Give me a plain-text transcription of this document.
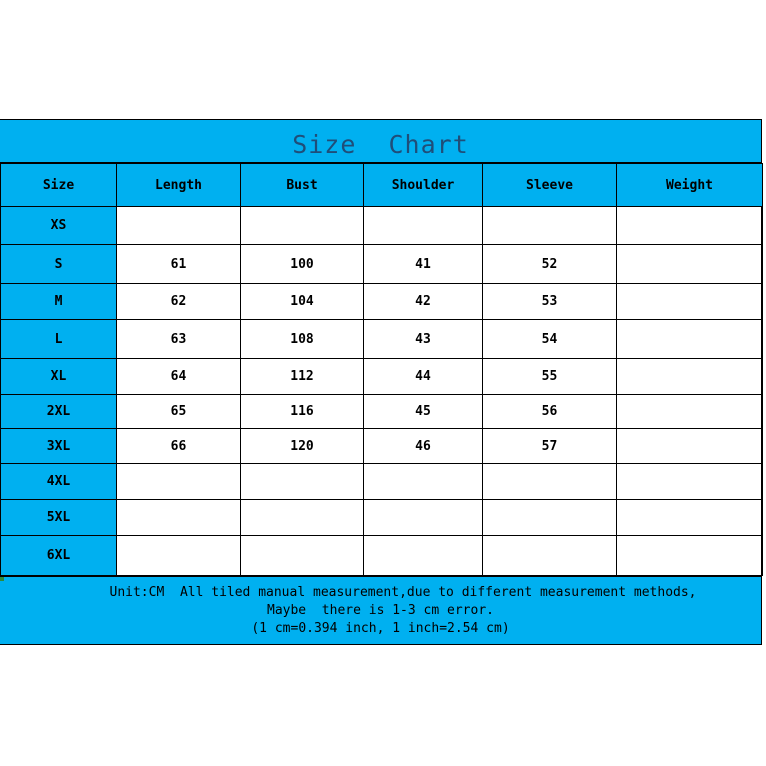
Size  Chart
Size	Length	Bust	Shoulder	Sleeve	Weight
XS					
S	61	100	41	52	
M	62	104	42	53	
L	63	108	43	54	
XL	64	112	44	55	
2XL	65	116	45	56	
3XL	66	120	46	57	
4XL					
5XL					
6XL					
Unit:CM  All tiled manual measurement,due to different measurement methods,
Maybe  there is 1-3 cm error.
(1 cm=0.394 inch, 1 inch=2.54 cm)
